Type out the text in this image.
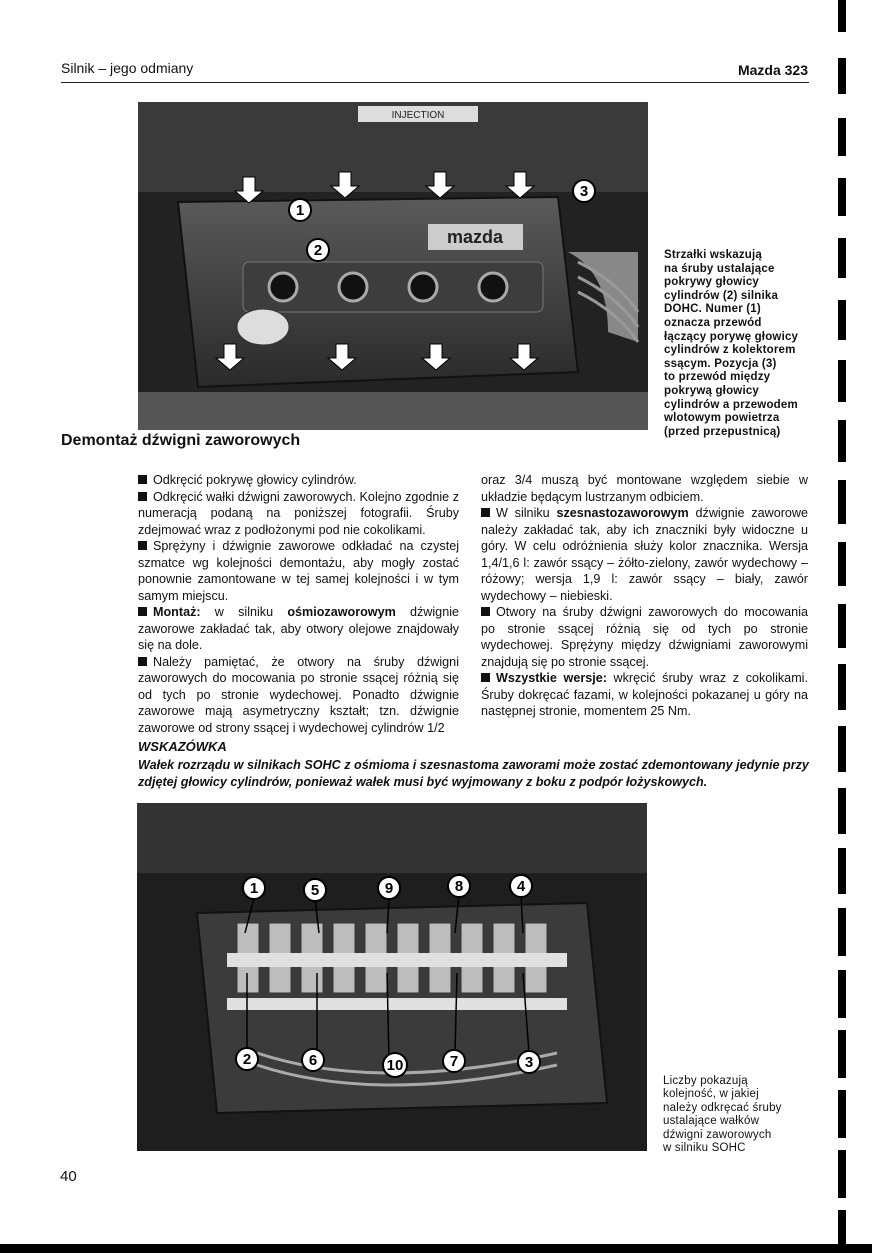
Silnik – jego odmiany	Mazda 323
INJECTION
mazda
1
2
3
Strzałki wskazują
na śruby ustalające
pokrywy głowicy
cylindrów (2) silnika
DOHC. Numer (1)
oznacza przewód
łączący porywę głowicy
cylindrów z kolektorem
ssącym. Pozycja (3)
to przewód między
pokrywą głowicy
cylindrów a przewodem
wlotowym powietrza
(przed przepustnicą)
Demontaż dźwigni zaworowych

Odkręcić pokrywę głowicy cylindrów.

Odkręcić wałki dźwigni zaworowych. Kolejno zgodnie z numeracją podaną na poniższej fotografii. Śruby zdejmować wraz z podłożonymi pod nie cokolikami.

Sprężyny i dźwignie zaworowe odkładać na czystej szmatce wg kolejności demontażu, aby mogły zostać ponownie zamontowane w tej samej kolejności i w tym samym miejscu.

Montaż: w silniku ośmiozaworowym dźwignie zaworowe zakładać tak, aby otwory olejowe znajdowały się na dole.

Należy pamiętać, że otwory na śruby dźwigni zaworowych do mocowania po stronie ssącej różnią się od tych po stronie wydechowej. Ponadto dźwignie zaworowe mają asymetryczny kształt; tzn. dźwignie zaworowe od strony ssącej i wydechowej cylindrów 1/2

oraz 3/4 muszą być montowane względem siebie w układzie będącym lustrzanym odbiciem.

W silniku szesnastozaworowym dźwignie zaworowe należy zakładać tak, aby ich znaczniki były widoczne u góry. W celu odróżnienia służy kolor znacznika. Wersja 1,4/1,6 l: zawór ssący – żółto-zielony, zawór wydechowy – różowy; wersja 1,9 l: zawór ssący – biały, zawór wydechowy – niebieski.

Otwory na śruby dźwigni zaworowych do mocowania po stronie ssącej różnią się od tych po stronie wydechowej. Sprężyny między dźwigniami zaworowymi znajdują się po stronie ssącej.

Wszystkie wersje: wkręcić śruby wraz z cokolikami. Śruby dokręcać fazami, w kolejności pokazanej u góry na następnej stronie, momentem 25 Nm.

WSKAZÓWKA
Wałek rozrządu w silnikach SOHC z ośmioma i szesnastoma zaworami może zostać zdemontowany jedynie przy zdjętej głowicy cylindrów, ponieważ wałek musi być wyjmowany z boku z podpór łożyskowych.
1	5	9	8	4
2	6	10	7	3
Liczby pokazują
kolejność, w jakiej
należy odkręcać śruby
ustalające wałków
dźwigni zaworowych
w silniku SOHC
40
